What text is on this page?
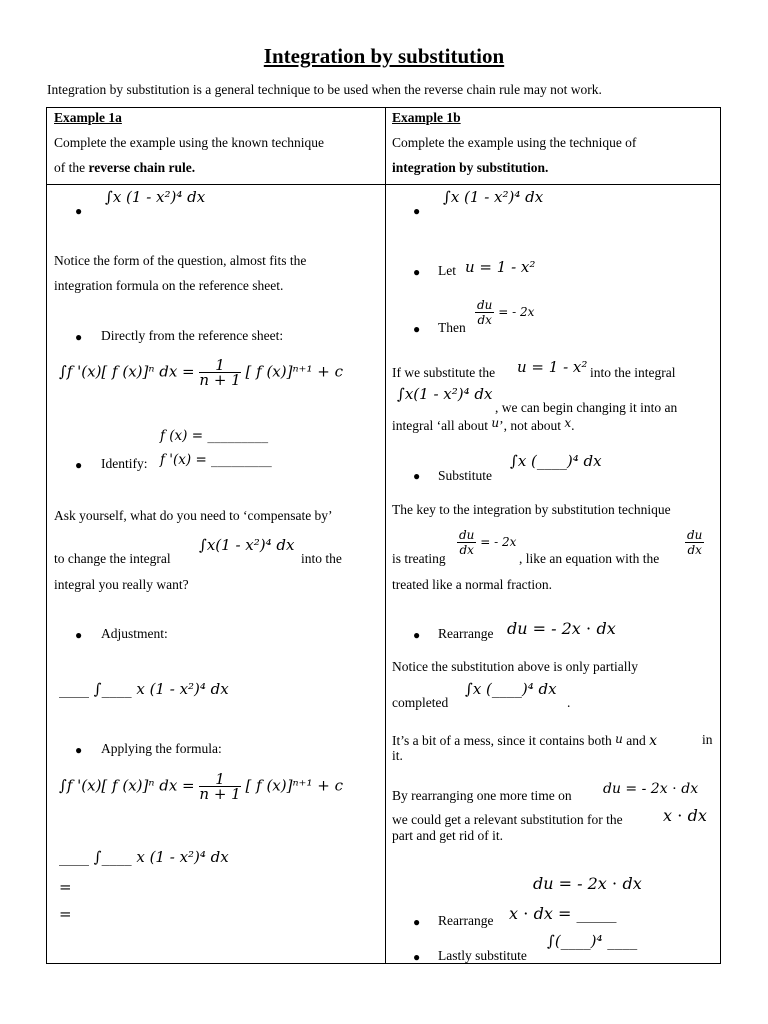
Integration by substitution
Integration by substitution is a general technique to be used when the reverse chain rule may not work.
Example 1a
Complete the example using the known technique
of the reverse chain rule.
Example 1b
Complete the example using the technique of
integration by substitution.
●
∫x (1 - x²)⁴ dx
Notice the form of the question, almost fits the
integration formula on the reference sheet.
● Directly from the reference sheet:
∫f '(x)[ f (x)]ⁿ dx = $\frac{1}{n + 1}$ [ f (x)]ⁿ⁺¹ + c
f (x) = _________
● Identify: f '(x) = _________
Ask yourself, what do you need to ‘compensate by’
to change the integral
∫x(1 - x²)⁴ dx
into the
integral you really want?
● Adjustment:
____ ∫____ x (1 - x²)⁴ dx
● Applying the formula:
∫f '(x)[ f (x)]ⁿ dx = $\frac{1}{n + 1}$ [ f (x)]ⁿ⁺¹ + c
____ ∫____ x (1 - x²)⁴ dx
=
=
●
∫x (1 - x²)⁴ dx
● Let u = 1 - x²
● Then
$\frac{du}{dx}$ = - 2x
If we substitute the u = 1 - x² into the integral
∫x(1 - x²)⁴ dx
, we can begin changing it into an
integral ‘all about u’, not about x.
● Substitute
∫x (____)⁴ dx
The key to the integration by substitution technique
is treating
$\frac{du}{dx}$ = - 2x
, like an equation with the
$\frac{du}{dx}$
treated like a normal fraction.
● Rearrange du = - 2x ⋅ dx
Notice the substitution above is only partially
completed
∫x (____)⁴ dx
.
It’s a bit of a mess, since it contains both u and x	in
it.
By rearranging one more time on du = - 2x ⋅ dx
we could get a relevant substitution for the	x ⋅ dx
part and get rid of it.
du = - 2x ⋅ dx
● Rearrange x ⋅ dx = _____
● Lastly substitute
∫(____)⁴ ____
